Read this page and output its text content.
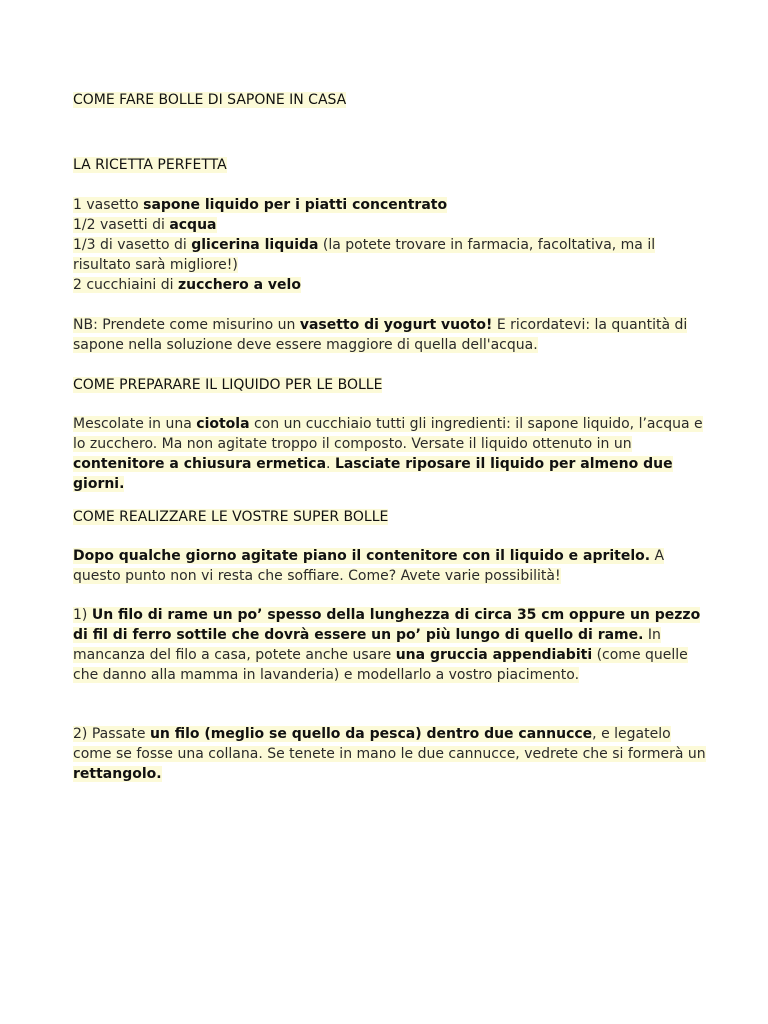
COME FARE BOLLE DI SAPONE IN CASA

LA RICETTA PERFETTA

1 vasetto sapone liquido per i piatti concentrato
1/2 vasetti di acqua
1/3 di vasetto di glicerina liquida (la potete trovare in farmacia, facoltativa, ma il risultato sarà migliore!)
2 cucchiaini di zucchero a velo

NB: Prendete come misurino un vasetto di yogurt vuoto! E ricordatevi: la quantità di sapone nella soluzione deve essere maggiore di quella dell'acqua.

COME PREPARARE IL LIQUIDO PER LE BOLLE

Mescolate in una ciotola con un cucchiaio tutti gli ingredienti: il sapone liquido, l’acqua e lo zucchero. Ma non agitate troppo il composto. Versate il liquido ottenuto in un contenitore a chiusura ermetica. Lasciate riposare il liquido per almeno due giorni.

COME REALIZZARE LE VOSTRE SUPER BOLLE

Dopo qualche giorno agitate piano il contenitore con il liquido e apritelo. A questo punto non vi resta che soffiare. Come? Avete varie possibilità!

1) Un filo di rame un po’ spesso della lunghezza di circa 35 cm oppure un pezzo di fil di ferro sottile che dovrà essere un po’ più lungo di quello di rame. In mancanza del filo a casa, potete anche usare una gruccia appendiabiti (come quelle che danno alla mamma in lavanderia) e modellarlo a vostro piacimento.

2) Passate un filo (meglio se quello da pesca) dentro due cannucce, e legatelo come se fosse una collana. Se tenete in mano le due cannucce, vedrete che si formerà un rettangolo.
